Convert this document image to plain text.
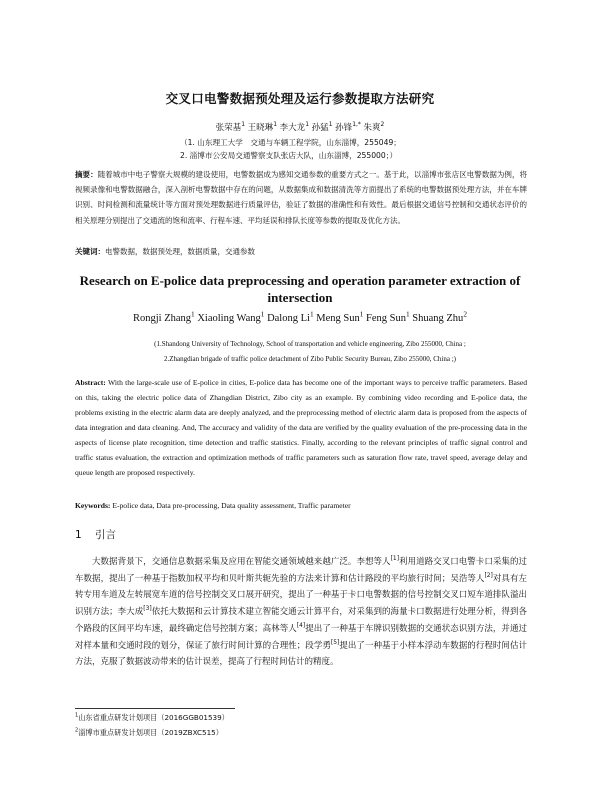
交叉口电警数据预处理及运行参数提取方法研究
张荣基$^1$ 王晓琳$^1$ 李大龙$^1$ 孙猛$^1$ 孙锋$^{1,*}$ 朱爽$^2$
（1. 山东理工大学　交通与车辆工程学院，山东淄博，255049；
2. 淄博市公安局交通警察支队张店大队，山东淄博，255000；）
摘要：随着城市中电子警察大规模的建设使用，电警数据成为感知交通参数的重要方式之一。基于此，以淄博市张店区电警数据为例，将视频录像和电警数据融合，深入剖析电警数据中存在的问题，从数据集成和数据清洗等方面提出了系统的电警数据预处理方法，并在车牌识别、时间检测和流量统计等方面对预处理数据进行质量评估，验证了数据的准确性和有效性。最后根据交通信号控制和交通状态评价的相关原理分别提出了交通流的饱和流率、行程车速、平均延误和排队长度等参数的提取及优化方法。
关键词：电警数据，数据预处理，数据质量，交通参数
Research on E-police data preprocessing and operation parameter extraction of intersection
Rongji Zhang$^1$ Xiaoling Wang$^1$ Dalong Li$^1$ Meng Sun$^1$ Feng Sun$^1$ Shuang Zhu$^2$
(1.Shandong University of Technology, School of transportation and vehicle engineering, Zibo 255000, China ;
2.Zhangdian brigade of traffic police detachment of Zibo Public Security Bureau, Zibo 255000, China ;)
Abstract: With the large-scale use of E-police in cities, E-police data has become one of the important ways to perceive traffic parameters. Based on this, taking the electric police data of Zhangdian District, Zibo city as an example. By combining video recording and E-police data, the problems existing in the electric alarm data are deeply analyzed, and the preprocessing method of electric alarm data is proposed from the aspects of data integration and data cleaning. And, The accuracy and validity of the data are verified by the quality evaluation of the pre-processing data in the aspects of license plate recognition, time detection and traffic statistics. Finally, according to the relevant principles of traffic signal control and traffic status evaluation, the extraction and optimization methods of traffic parameters such as saturation flow rate, travel speed, average delay and queue length are proposed respectively.
Keywords: E-police data, Data pre-processing, Data quality assessment, Traffic parameter
1 引言
大数据背景下，交通信息数据采集及应用在智能交通领域越来越广泛。李想等人[1]利用道路交叉口电警卡口采集的过车数据，提出了一种基于指数加权平均和贝叶斯共轭先验的方法来计算和估计路段的平均旅行时间；吴浩等人[2]对具有左转专用车道及左转展宽车道的信号控制交叉口展开研究，提出了一种基于卡口电警数据的信号控制交叉口短车道排队溢出识别方法；李大成[3]依托大数据和云计算技术建立智能交通云计算平台，对采集到的海量卡口数据进行处理分析，得到各个路段的区间平均车速，最终确定信号控制方案；高林等人[4]提出了一种基于车牌识别数据的交通状态识别方法，并通过对样本量和交通时段的划分，保证了旅行时间计算的合理性；段学勇[5]提出了一种基于小样本浮动车数据的行程时间估计方法，克服了数据波动带来的估计误差，提高了行程时间估计的精度。
$^1$山东省重点研发计划项目（2016GGB01539）
$^2$淄博市重点研发计划项目（2019ZBXC515）
